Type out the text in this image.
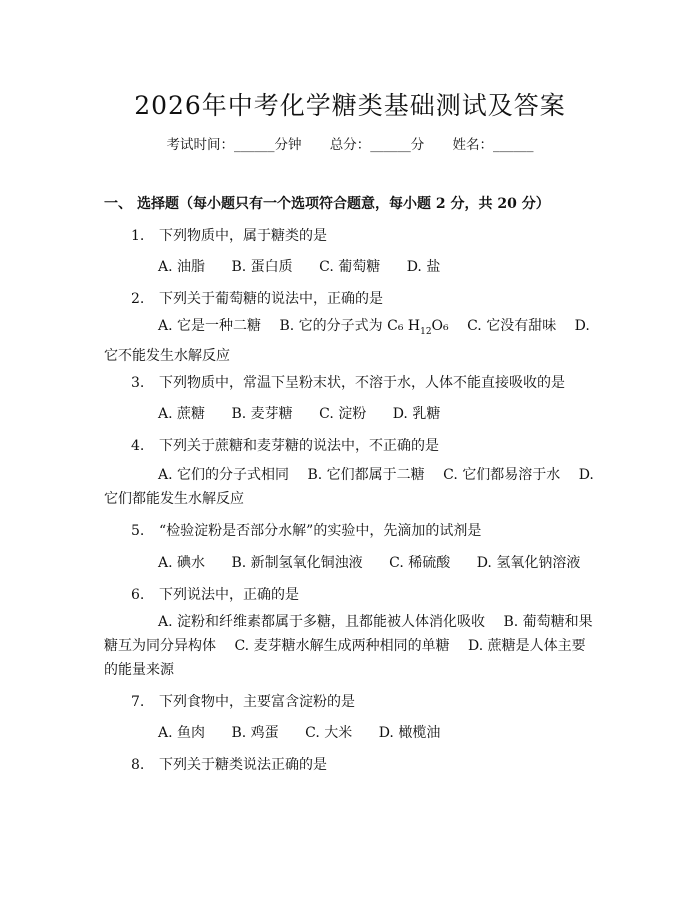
2026年中考化学糖类基础测试及答案
考试时间：______分钟 总分：______分 姓名：______
一、 选择题（每小题只有一个选项符合题意，每小题 2 分，共 20 分）
1. 下列物质中，属于糖类的是
A. 油脂 B. 蛋白质 C. 葡萄糖 D. 盐
2. 下列关于葡萄糖的说法中，正确的是
A. 它是一种二糖 B. 它的分子式为 C₆ $H_{12}O_6$ C. 它没有甜味 D. 它不能发生水解反应
3. 下列物质中，常温下呈粉末状，不溶于水，人体不能直接吸收的是
A. 蔗糖 B. 麦芽糖 C. 淀粉 D. 乳糖
4. 下列关于蔗糖和麦芽糖的说法中，不正确的是
A. 它们的分子式相同 B. 它们都属于二糖 C. 它们都易溶于水 D. 它们都能发生水解反应
5. “检验淀粉是否部分水解”的实验中，先滴加的试剂是
A. 碘水 B. 新制氢氧化铜浊液 C. 稀硫酸 D. 氢氧化钠溶液
6. 下列说法中，正确的是
A. 淀粉和纤维素都属于多糖，且都能被人体消化吸收 B. 葡萄糖和果糖互为同分异构体 C. 麦芽糖水解生成两种相同的单糖 D. 蔗糖是人体主要的能量来源
7. 下列食物中，主要富含淀粉的是
A. 鱼肉 B. 鸡蛋 C. 大米 D. 橄榄油
8. 下列关于糖类说法正确的是
